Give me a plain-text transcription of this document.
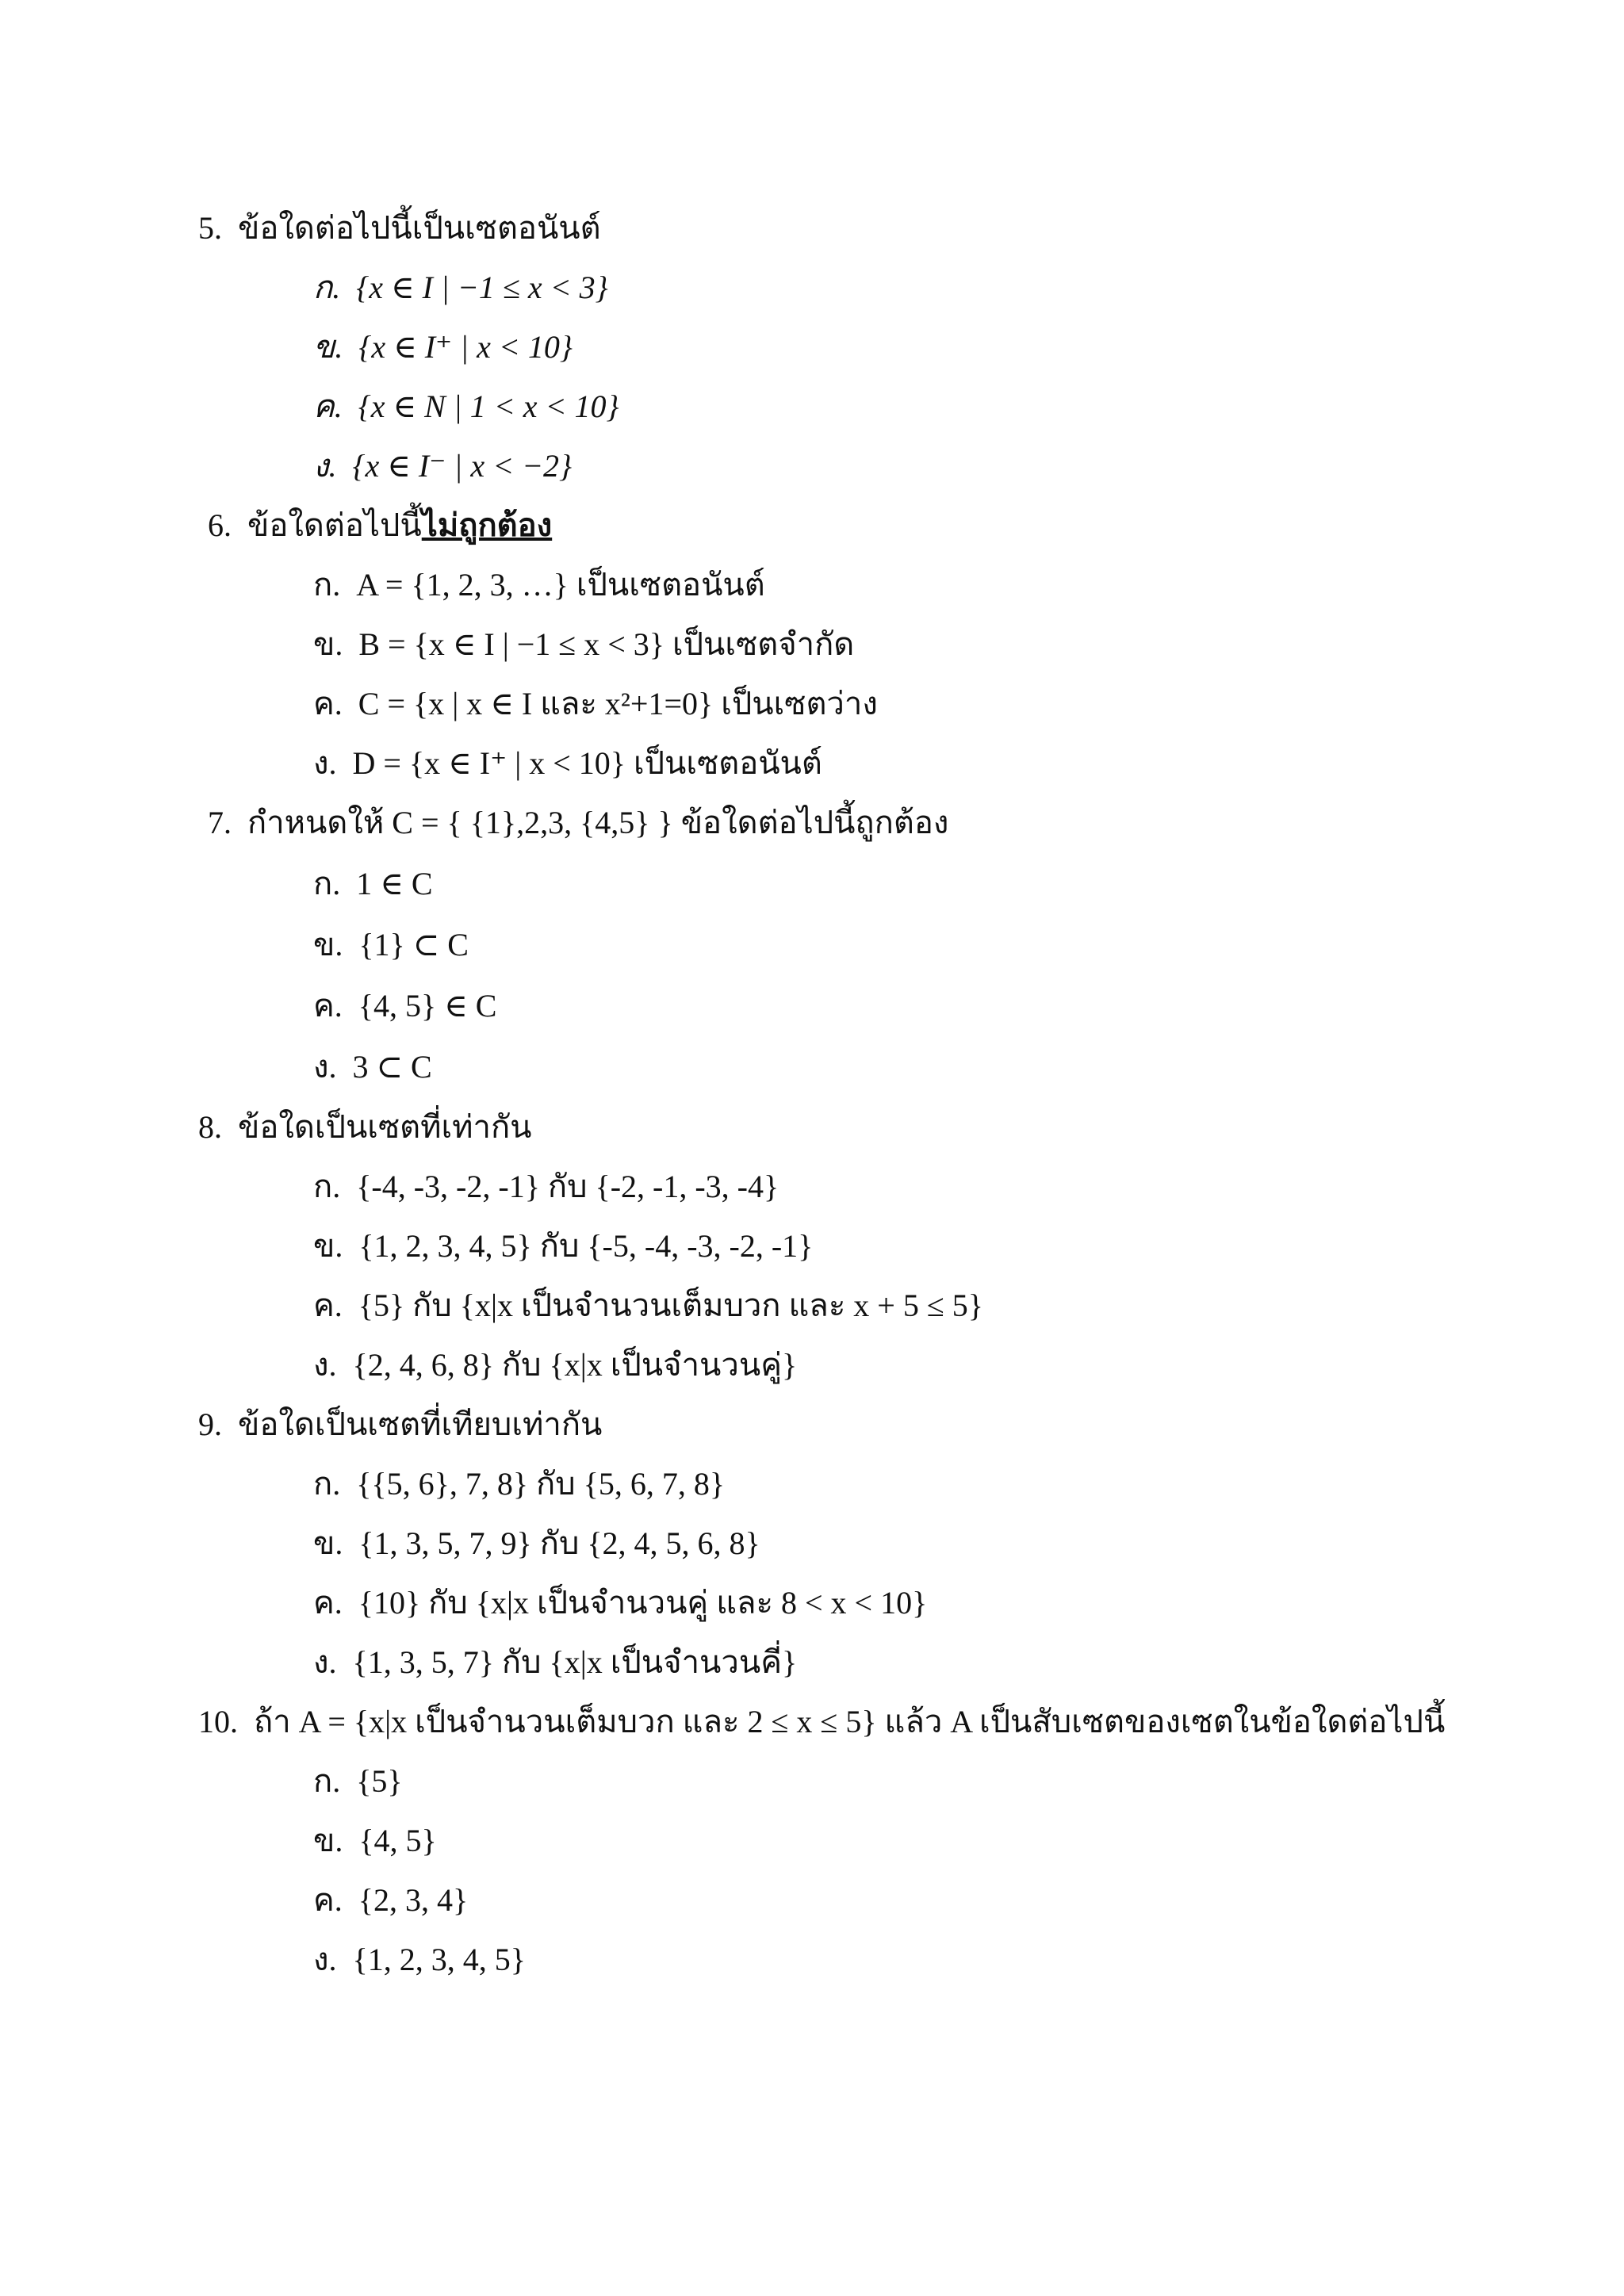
5. ข้อใดต่อไปนี้เป็นเซตอนันต์
ก. {x ∈ I | −1 ≤ x < 3}
ข. {x ∈ I⁺ | x < 10}
ค. {x ∈ N | 1 < x < 10}
ง. {x ∈ I⁻ | x < −2}
6. ข้อใดต่อไปนี้ไม่ถูกต้อง
ก. A = {1, 2, 3, …} เป็นเซตอนันต์
ข. B = {x ∈ I | −1 ≤ x < 3} เป็นเซตจำกัด
ค. C = {x | x ∈ I และ x²+1=0} เป็นเซตว่าง
ง. D = {x ∈ I⁺ | x < 10} เป็นเซตอนันต์
7. กำหนดให้ C = { {1},2,3, {4,5} } ข้อใดต่อไปนี้ถูกต้อง
ก. 1 ∈ C
ข. {1} ⊂ C
ค. {4, 5} ∈ C
ง. 3 ⊂ C
8. ข้อใดเป็นเซตที่เท่ากัน
ก. {-4, -3, -2, -1} กับ {-2, -1, -3, -4}
ข. {1, 2, 3, 4, 5} กับ {-5, -4, -3, -2, -1}
ค. {5} กับ {x|x เป็นจำนวนเต็มบวก และ x + 5 ≤ 5}
ง. {2, 4, 6, 8} กับ {x|x เป็นจำนวนคู่}
9. ข้อใดเป็นเซตที่เทียบเท่ากัน
ก. {{5, 6}, 7, 8} กับ {5, 6, 7, 8}
ข. {1, 3, 5, 7, 9} กับ {2, 4, 5, 6, 8}
ค. {10} กับ {x|x เป็นจำนวนคู่ และ 8 < x < 10}
ง. {1, 3, 5, 7} กับ {x|x เป็นจำนวนคี่}
10. ถ้า A = {x|x เป็นจำนวนเต็มบวก และ 2 ≤ x ≤ 5} แล้ว A เป็นสับเซตของเซตในข้อใดต่อไปนี้
ก. {5}
ข. {4, 5}
ค. {2, 3, 4}
ง. {1, 2, 3, 4, 5}
